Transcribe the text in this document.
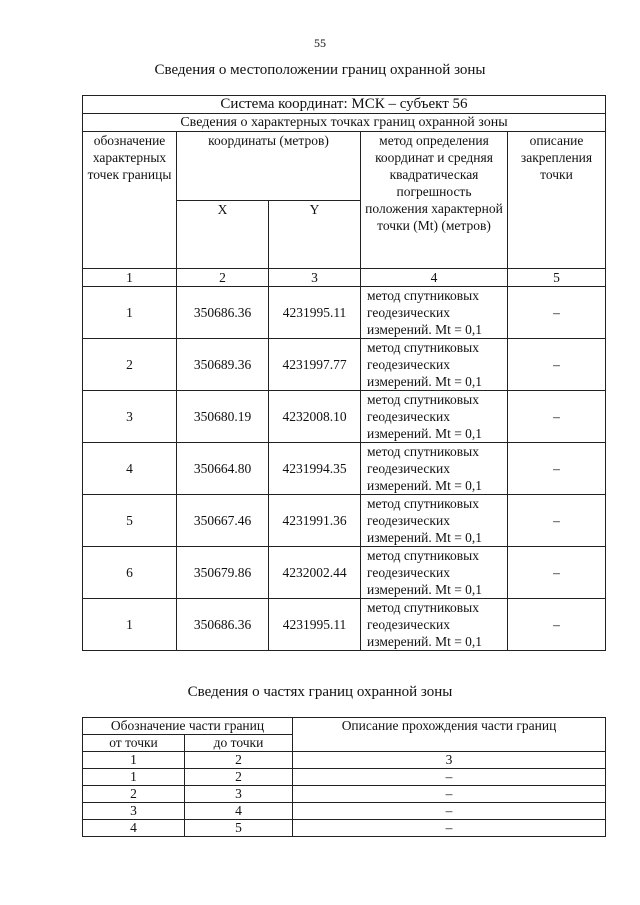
55
Сведения о местоположении границ охранной зоны
Система координат: МСК – субъект 56				
Сведения о характерных точках границ охранной зоны				
обозначение характерных точек границы	координаты (метров)		метод определения координат и средняя квадратическая погрешность положения характерной точки (Mt) (метров)	описание закрепления точки
	X	Y		
1	2	3	4	5
1	350686.36	4231995.11	метод спутниковых геодезических измерений. Mt = 0,1	–
2	350689.36	4231997.77	метод спутниковых геодезических измерений. Mt = 0,1	–
3	350680.19	4232008.10	метод спутниковых геодезических измерений. Mt = 0,1	–
4	350664.80	4231994.35	метод спутниковых геодезических измерений. Mt = 0,1	–
5	350667.46	4231991.36	метод спутниковых геодезических измерений. Mt = 0,1	–
6	350679.86	4232002.44	метод спутниковых геодезических измерений. Mt = 0,1	–
1	350686.36	4231995.11	метод спутниковых геодезических измерений. Mt = 0,1	–
Сведения о частях границ охранной зоны
Обозначение части границ		Описание прохождения части границ
от точки	до точки	
1	2	3
1	2	–
2	3	–
3	4	–
4	5	–
